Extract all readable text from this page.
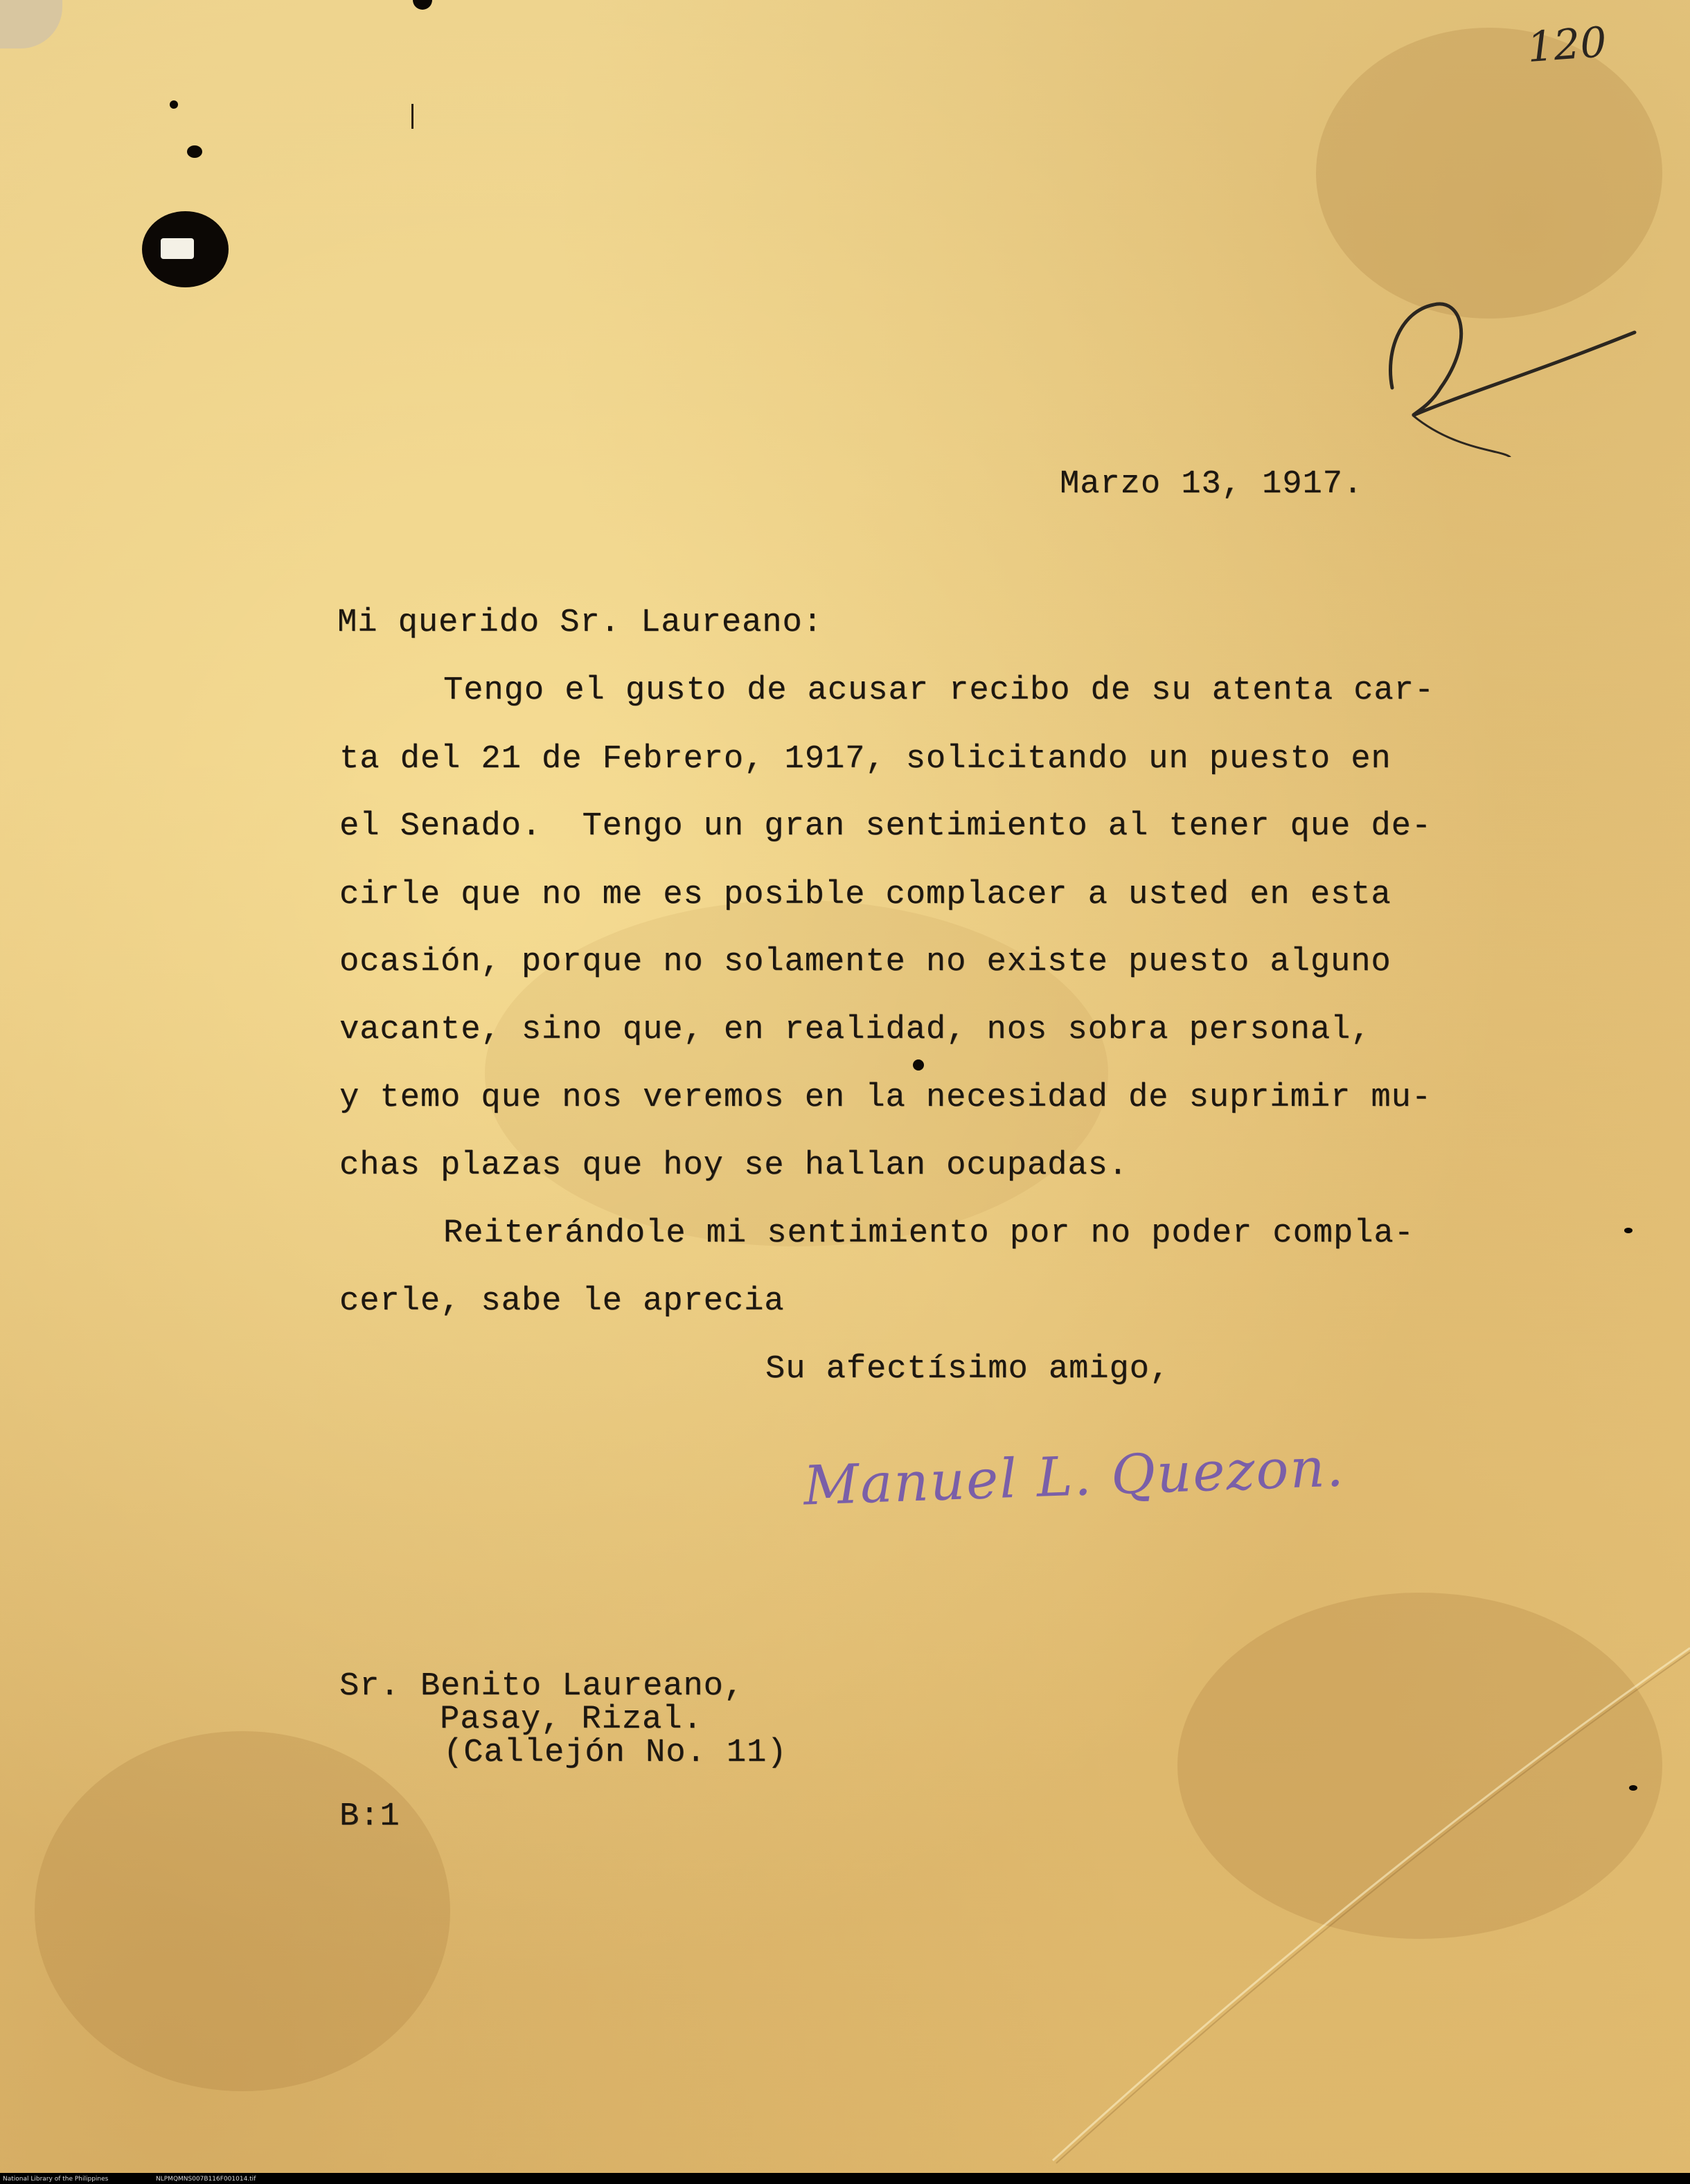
120
Marzo 13, 1917.
Mi querido Sr. Laureano:
Tengo el gusto de acusar recibo de su atenta car-
ta del 21 de Febrero, 1917, solicitando un puesto en
el Senado.  Tengo un gran sentimiento al tener que de-
cirle que no me es posible complacer a usted en esta
ocasión, porque no solamente no existe puesto alguno
vacante, sino que, en realidad, nos sobra personal,
y temo que nos veremos en la necesidad de suprimir mu-
chas plazas que hoy se hallan ocupadas.
Reiterándole mi sentimiento por no poder compla-
cerle, sabe le aprecia
Su afectísimo amigo,
Manuel L. Quezon.
Sr. Benito Laureano,
Pasay, Rizal.
(Callejón No. 11)
B:1
National Library of the Philippines	NLPMQMNS007B116F001014.tif
